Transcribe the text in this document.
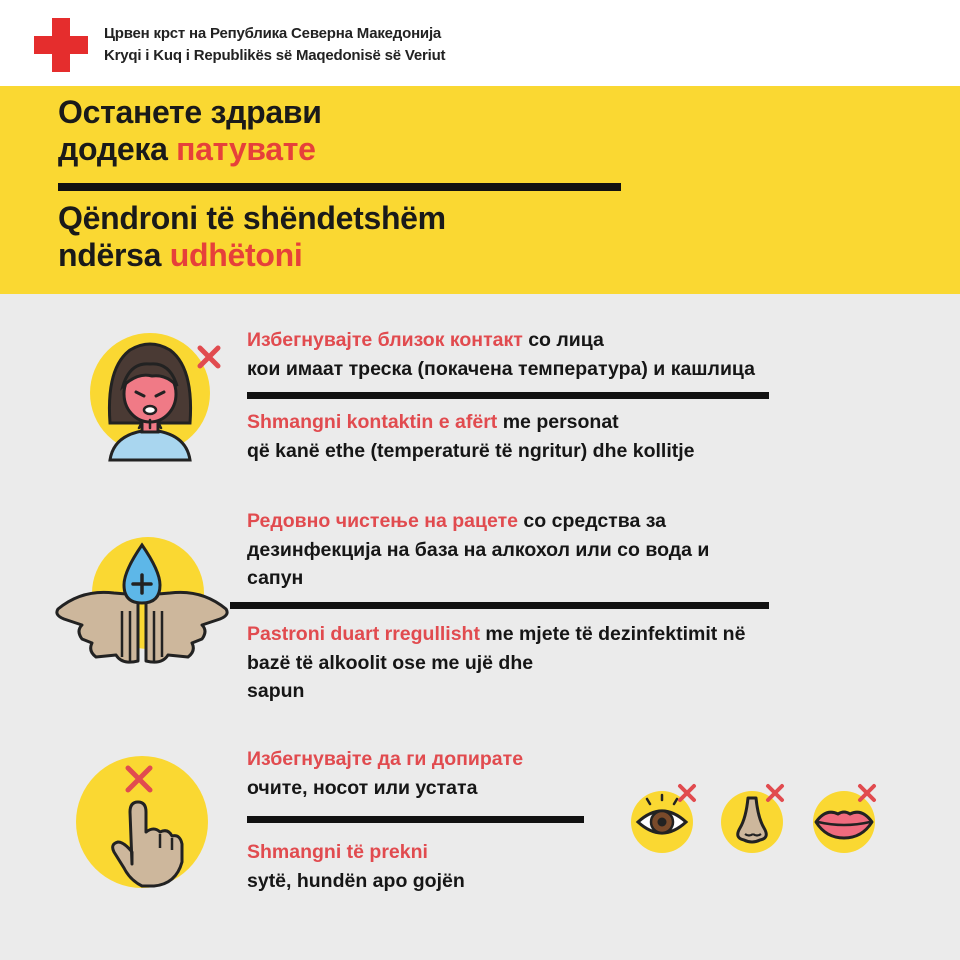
Црвен крст на Република Северна Македонија
Kryqi i Kuq i Republikës së Maqedonisë së Veriut
Останете здрави
додека патувате
Qëndroni të shëndetshëm
ndërsa udhëtoni
Избегнувајте близок контакт со лица
кои имаат треска (покачена температура) и кашлица
Shmangni kontaktin e afërt me personat
që kanë ethe (temperaturë të ngritur) dhe kollitje
Редовно чистење на рацете со средства за
дезинфекција на база на алкохол или со вода и
сапун
Pastroni duart rregullisht me mjete të dezinfektimit në
bazë të alkoolit ose me ujë dhe
sapun
Избегнувајте да ги допирате
очите, носот или устата
Shmangni të prekni
sytë, hundën apo gojën
